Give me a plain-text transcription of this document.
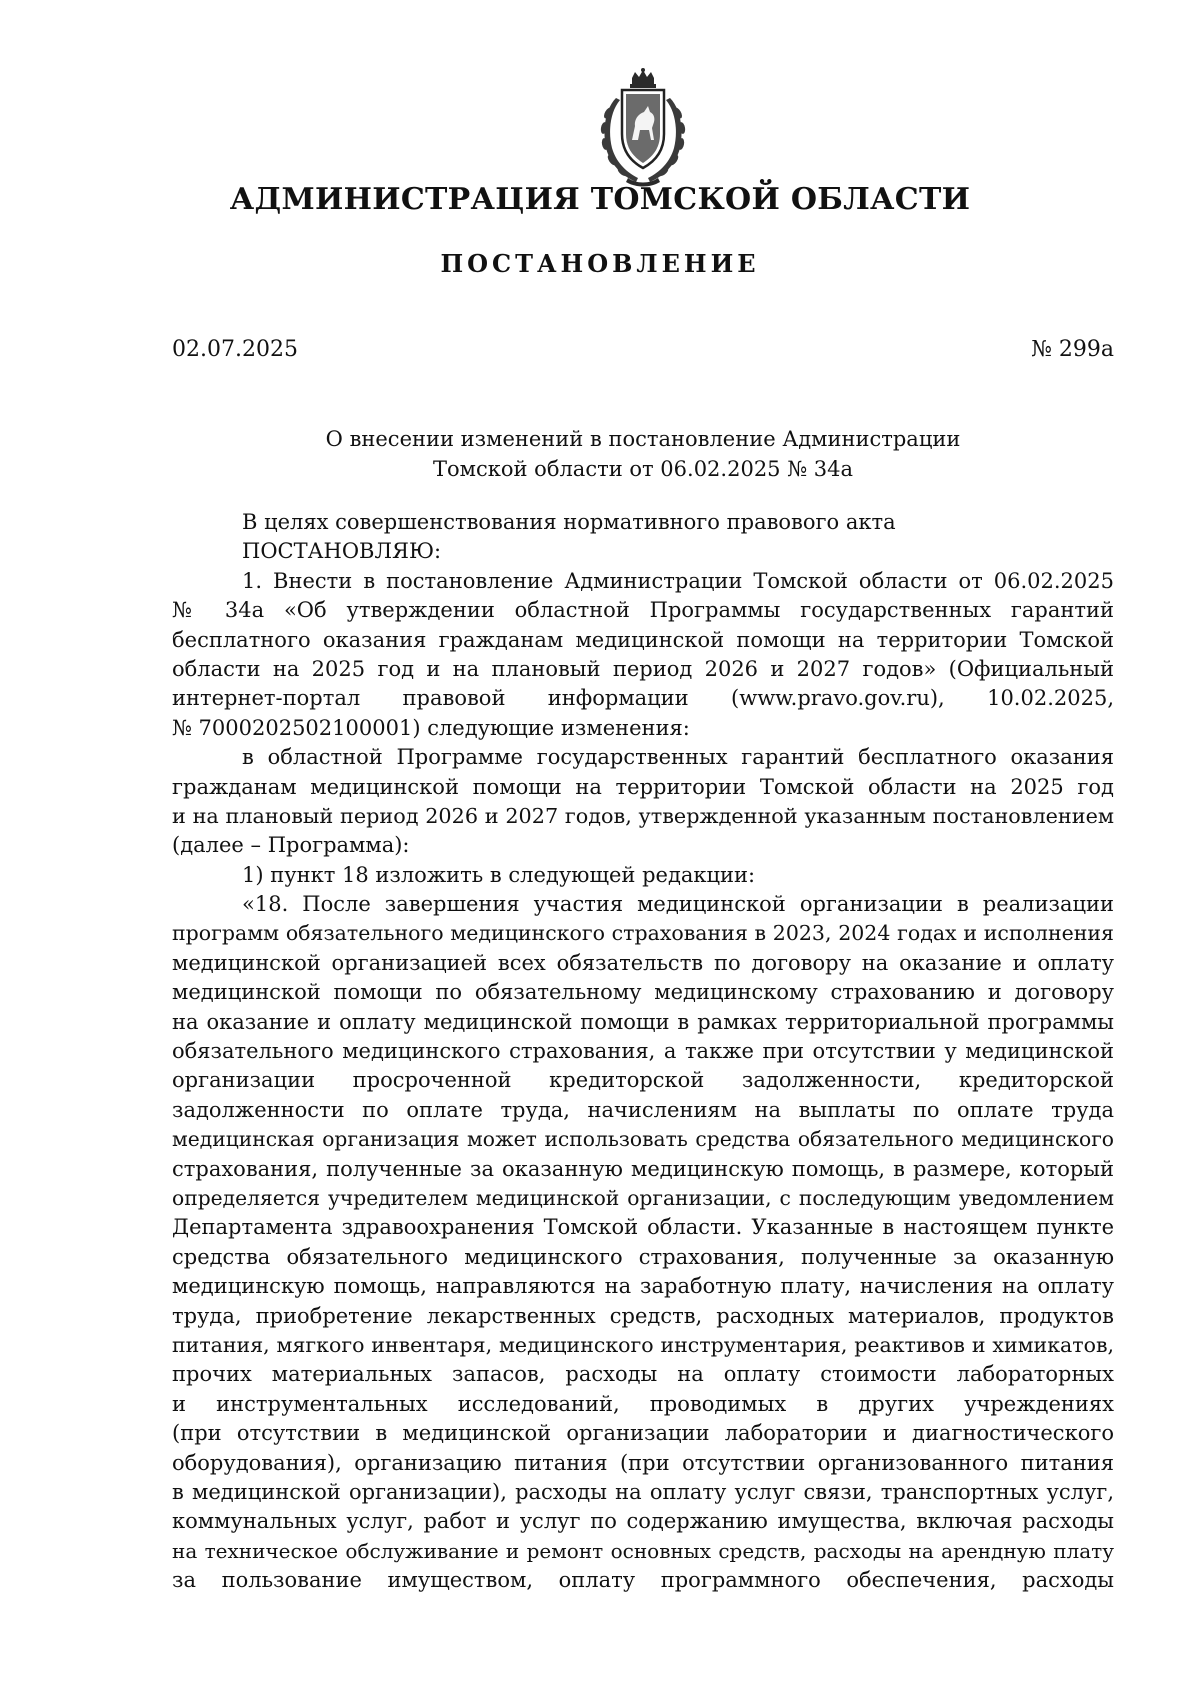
АДМИНИСТРАЦИЯ ТОМСКОЙ ОБЛАСТИ
ПОСТАНОВЛЕНИЕ
02.07.2025	№ 299а
О внесении изменений в постановление Администрации
Томской области от 06.02.2025 № 34а
В целях совершенствования нормативного правового акта
ПОСТАНОВЛЯЮ:
1. Внести в постановление Администрации Томской области от 06.02.2025
№ 34а «Об утверждении областной Программы государственных гарантий
бесплатного оказания гражданам медицинской помощи на территории Томской
области на 2025 год и на плановый период 2026 и 2027 годов» (Официальный
интернет-портал правовой информации (www.pravo.gov.ru), 10.02.2025,
№ 7000202502100001) следующие изменения:
в областной Программе государственных гарантий бесплатного оказания
гражданам медицинской помощи на территории Томской области на 2025 год
и на плановый период 2026 и 2027 годов, утвержденной указанным постановлением
(далее – Программа):
1) пункт 18 изложить в следующей редакции:
«18. После завершения участия медицинской организации в реализации
программ обязательного медицинского страхования в 2023, 2024 годах и исполнения
медицинской организацией всех обязательств по договору на оказание и оплату
медицинской помощи по обязательному медицинскому страхованию и договору
на оказание и оплату медицинской помощи в рамках территориальной программы
обязательного медицинского страхования, а также при отсутствии у медицинской
организации просроченной кредиторской задолженности, кредиторской
задолженности по оплате труда, начислениям на выплаты по оплате труда
медицинская организация может использовать средства обязательного медицинского
страхования, полученные за оказанную медицинскую помощь, в размере, который
определяется учредителем медицинской организации, с последующим уведомлением
Департамента здравоохранения Томской области. Указанные в настоящем пункте
средства обязательного медицинского страхования, полученные за оказанную
медицинскую помощь, направляются на заработную плату, начисления на оплату
труда, приобретение лекарственных средств, расходных материалов, продуктов
питания, мягкого инвентаря, медицинского инструментария, реактивов и химикатов,
прочих материальных запасов, расходы на оплату стоимости лабораторных
и инструментальных исследований, проводимых в других учреждениях
(при отсутствии в медицинской организации лаборатории и диагностического
оборудования), организацию питания (при отсутствии организованного питания
в медицинской организации), расходы на оплату услуг связи, транспортных услуг,
коммунальных услуг, работ и услуг по содержанию имущества, включая расходы
на техническое обслуживание и ремонт основных средств, расходы на арендную плату
за пользование имуществом, оплату программного обеспечения, расходы
